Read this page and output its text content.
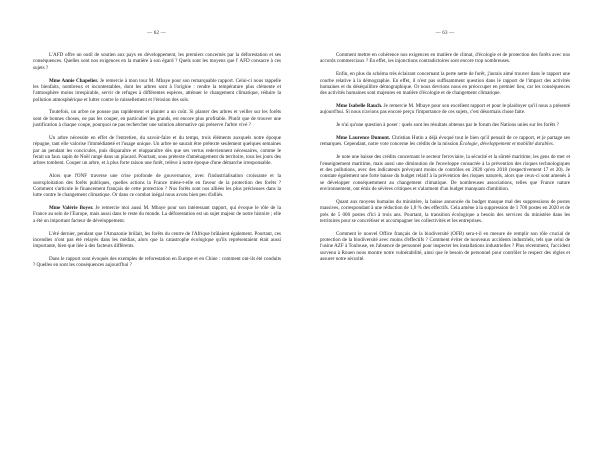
— 62 —

L'AFD offre un outil de soutien aux pays en développement, les premiers concernés par la déforestation et ses conséquences. Quelles sont nos exigences en la matière à son égard ? Quels sont les moyens que l' AFD consacre à ces sujets ?

Mme Annie Chapelier. Je remercie à mon tour M. Mbaye pour son remarquable rapport. Celui-ci nous rappelle les bienfaits, nombreux et incontestables, dont les arbres sont à l'origine : rendre la température plus clémente et l'atmosphère moins irrespirable, servir de refuges à différentes espèces, atténuer le changement climatique, réduire la pollution atmosphérique et lutter contre le ruissellement et l'érosion des sols.

Toutefois, un arbre ne pousse pas rapidement et planter a un coût. Si planter des arbres et veiller sur les forêts sont de bonnes choses, ne pas les couper, en particulier les grands, est encore plus profitable. Plutôt que de trouver une justification à chaque coupe, pourquoi ne pas rechercher une solution alternative qui préserve l'arbre vivé ?

Un arbre nécessite en effet de l'entretien, du savoir-faire et du temps, trois éléments auxquels notre époque répugne, tant elle valorise l'immédiateté et l'usage unique. Un arbre ne saurait être prétexte seulement quelques semaines par an pendant les concicules, puis disparaître et réapparaître dès que ses vertus redeviennent nécessaires, comme le ferait un faux sapin de Noël rangé dans un placard. Pourtant, sous prétexte d'aménagement du territoire, tous les jours des arbres tombent. Couper un arbre, et à plus forte raison une forêt, relève à notre époque d'une démarche irresponsable.

Alors que l'ONF traverse une crise profonde de gouvernance, avec l'industrialisation croissante et la surexploitation des forêts publiques, quelles actions la France mène-t-elle en faveur de la protection des forêts ? Comment s'articule le financement français de cette protection ? Nos forêts sont nos alliées les plus précieuses dans la lutte contre le changement climatique. Or dans ce combat inégal nous avons bien peu d'alliés.

Mme Valérie Boyer. Je remercie moi aussi M. Mbaye pour son intéressant rapport, qui évoque le rôle de la France au sein de l'Europe, mais aussi dans le reste du monde. La déforestation est un sujet majeur de notre histoire ; elle a été un important facteur de développement.

L'été dernier, pendant que l'Amazonie brûlait, les forêts du centre de l'Afrique brûlaient également. Pourtant, ces incendies n'ont pas été relayés dans les médias, alors que la catastrophe écologique qu'ils représentaient était aussi importante, bien que liée à des facteurs différents.

Dans le rapport sont évoqués des exemples de reforestation en Europe et en Chine : comment ont-ils été conduits ? Quelles en sont les conséquences aujourd'hui ?

— 63 —

Comment mettre en cohérence nos exigences en matière de climat, d'écologie et de protection des forêts avec nos accords commerciaux ? En effet, les injonctions contradictoires sont encore trop nombreuses.

Enfin, en plus du schéma très éclairant concernant la perte nette de forêt, j'aurais aimé trouver dans le rapport une courbe relative à la démographie. En effet, il n'est pas suffisamment question dans le rapport de l'impact des activités humaines et du déséquilibre démographique. Or nous devrions nous en préoccuper en premier lieu, car les conséquences des activités humaines sont majeures en matière d'écologie et de changement climatique.

Mme Isabelle Rauch. Je remercie M. Mbaye pour son excellent rapport et pour le plaidoyer qu'il nous a présenté aujourd'hui. Si nous n'avions pas encore perçu l'importance de ces sujets, c'est désormais chose faite.

Je n'ai qu'une question à poser : quels sont les résultats obtenus par le forum des Nations unies sur les forêts ?

Mme Laurence Dumont. Christian Hutin a déjà évoqué tout le bien qu'il pensait de ce rapport, et je partage ses remarques. Cependant, notre vote concerne les crédits de la mission Écologie, développement et mobilité durables.

Je note une baisse des crédits concernant le secteur ferroviaire, la sécurité et la sûreté maritime, les gens de mer et l'enseignement maritime, mais aussi une diminution de l'enveloppe consacrée à la prévention des risques technologiques et des pollutions, avec des indicateurs prévoyant moins de contrôles en 2020 qu'en 2018 (respectivement 17 et 20). Je constate également une forte baisse du budget relatif à la prévention des risques naturels, alors que ceux-ci sont amenés à se développer conséquemment au changement climatique. De nombreuses associations, telles que France nature environnement, ont émis de sévères critiques et s'alarment d'un budget manquant d'ambition.

Quant aux moyens humains du ministère, la baisse annoncée du budget masque mal des suppressions de postes massives, correspondant à une réduction de 1,8 % des effectifs. Cela amène à la suppression de 1 700 postes en 2020 et de près de 5 000 postes d'ici à trois ans. Pourtant, la transition écologique a besoin des services du ministère dans les territoires pour se concrétiser et accompagner les collectivités et les entreprises.

Comment le nouvel Office français de la biodiversité (OFB) sera-t-il en mesure de remplir son rôle crucial de protection de la biodiversité avec moins d'effectifs ? Comment éviter de nouveaux accidents industriels, tels que celui de l'usine AZF à Toulouse, en l'absence de personnel pour inspecter les installations industrielles ? Plus récemment, l'accident survenu à Rouen nous montre notre vulnérabilité, ainsi que le besoin de personnel pour contrôler le respect des règles et assurer notre sécurité.
